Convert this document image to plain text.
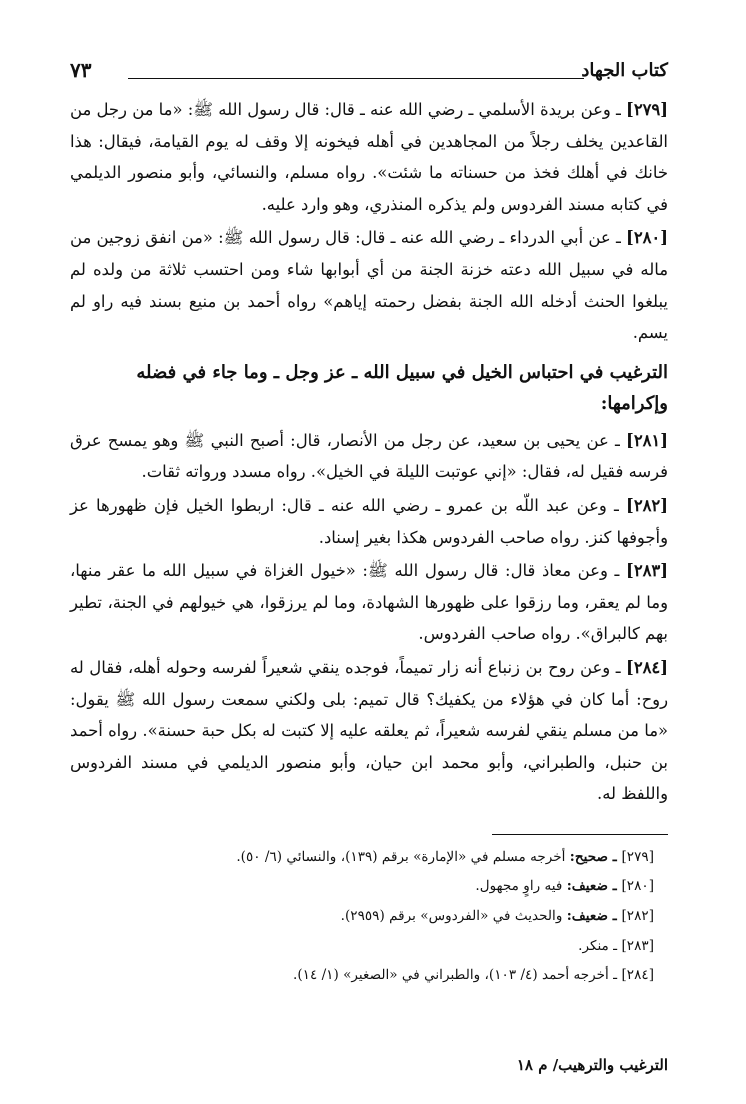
كتاب الجهاد
٧٣

[٢٧٩] ـ وعن بريدة الأسلمي ـ رضي الله عنه ـ قال: قال رسول الله ﷺ: «ما من رجل من القاعدين يخلف رجلاً من المجاهدين في أهله فيخونه إلا وقف له يوم القيامة، فيقال: هذا خانك في أهلك فخذ من حسناته ما شئت». رواه مسلم، والنسائي، وأبو منصور الديلمي في كتابه مسند الفردوس ولم يذكره المنذري، وهو وارد عليه.

[٢٨٠] ـ عن أبي الدرداء ـ رضي الله عنه ـ قال: قال رسول الله ﷺ: «من انفق زوجين من ماله في سبيل الله دعته خزنة الجنة من أي أبوابها شاء ومن احتسب ثلاثة من ولده لم يبلغوا الحنث أدخله الله الجنة بفضل رحمته إياهم» رواه أحمد بن منيع بسند فيه راو لم يسم.

الترغيب في احتباس الخيل في سبيل الله ـ عز وجل ـ وما جاء في فضله وإكرامها:

[٢٨١] ـ عن يحيى بن سعيد، عن رجل من الأنصار، قال: أصبح النبي ﷺ وهو يمسح عرق فرسه فقيل له، فقال: «إني عوتبت الليلة في الخيل». رواه مسدد ورواته ثقات.

[٢٨٢] ـ وعن عبد اللّه بن عمرو ـ رضي الله عنه ـ قال: اربطوا الخيل فإن ظهورها عز وأجوفها كنز. رواه صاحب الفردوس هكذا بغير إسناد.

[٢٨٣] ـ وعن معاذ قال: قال رسول الله ﷺ: «خيول الغزاة في سبيل الله ما عقر منها، وما لم يعقر، وما رزقوا على ظهورها الشهادة، وما لم يرزقوا، هي خيولهم في الجنة، تطير بهم كالبراق». رواه صاحب الفردوس.

[٢٨٤] ـ وعن روح بن زنباع أنه زار تميماً، فوجده ينقي شعيراً لفرسه وحوله أهله، فقال له روح: أما كان في هؤلاء من يكفيك؟ قال تميم: بلى ولكني سمعت رسول الله ﷺ يقول: «ما من مسلم ينقي لفرسه شعيراً، ثم يعلقه عليه إلا كتبت له بكل حبة حسنة». رواه أحمد بن حنبل، والطبراني، وأبو محمد ابن حيان، وأبو منصور الديلمي في مسند الفردوس واللفظ له.

[٢٧٩] ـ صحيح: أخرجه مسلم في «الإمارة» برقم (١٣٩)، والنسائي (٦/ ٥٠).

[٢٨٠] ـ ضعيف: فيه راوٍ مجهول.

[٢٨٢] ـ ضعيف: والحديث في «الفردوس» برقم (٢٩٥٩).

[٢٨٣] ـ منكر.

[٢٨٤] ـ أخرجه أحمد (٤/ ١٠٣)، والطبراني في «الصغير» (١/ ١٤).

الترغيب والترهيب/ م ١٨
